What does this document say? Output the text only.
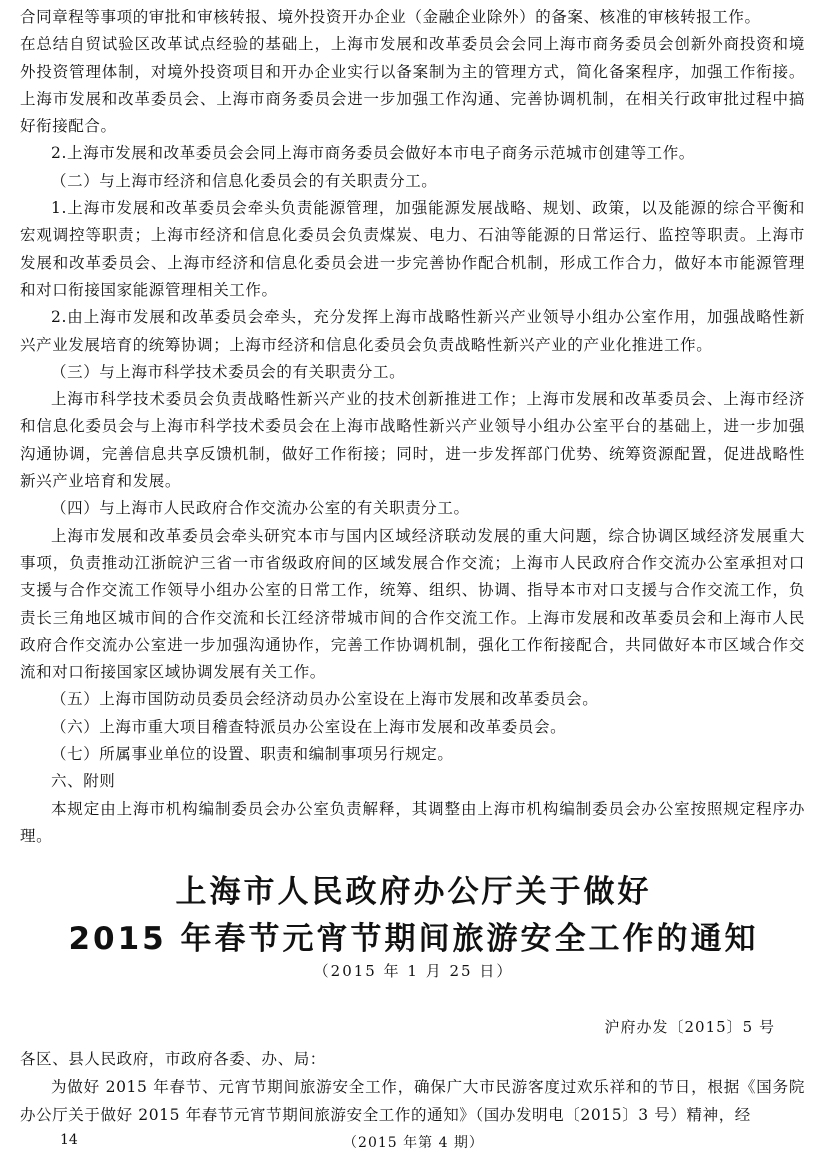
合同章程等事项的审批和审核转报、境外投资开办企业（金融企业除外）的备案、核准的审核转报工作。

在总结自贸试验区改革试点经验的基础上，上海市发展和改革委员会会同上海市商务委员会创新外商投资和境外投资管理体制，对境外投资项目和开办企业实行以备案制为主的管理方式，简化备案程序，加强工作衔接。上海市发展和改革委员会、上海市商务委员会进一步加强工作沟通、完善协调机制，在相关行政审批过程中搞好衔接配合。

2.上海市发展和改革委员会会同上海市商务委员会做好本市电子商务示范城市创建等工作。

（二）与上海市经济和信息化委员会的有关职责分工。

1.上海市发展和改革委员会牵头负责能源管理，加强能源发展战略、规划、政策，以及能源的综合平衡和宏观调控等职责；上海市经济和信息化委员会负责煤炭、电力、石油等能源的日常运行、监控等职责。上海市发展和改革委员会、上海市经济和信息化委员会进一步完善协作配合机制，形成工作合力，做好本市能源管理和对口衔接国家能源管理相关工作。

2.由上海市发展和改革委员会牵头，充分发挥上海市战略性新兴产业领导小组办公室作用，加强战略性新兴产业发展培育的统筹协调；上海市经济和信息化委员会负责战略性新兴产业的产业化推进工作。

（三）与上海市科学技术委员会的有关职责分工。

上海市科学技术委员会负责战略性新兴产业的技术创新推进工作；上海市发展和改革委员会、上海市经济和信息化委员会与上海市科学技术委员会在上海市战略性新兴产业领导小组办公室平台的基础上，进一步加强沟通协调，完善信息共享反馈机制，做好工作衔接；同时，进一步发挥部门优势、统筹资源配置，促进战略性新兴产业培育和发展。

（四）与上海市人民政府合作交流办公室的有关职责分工。

上海市发展和改革委员会牵头研究本市与国内区域经济联动发展的重大问题，综合协调区域经济发展重大事项，负责推动江浙皖沪三省一市省级政府间的区域发展合作交流；上海市人民政府合作交流办公室承担对口支援与合作交流工作领导小组办公室的日常工作，统筹、组织、协调、指导本市对口支援与合作交流工作，负责长三角地区城市间的合作交流和长江经济带城市间的合作交流工作。上海市发展和改革委员会和上海市人民政府合作交流办公室进一步加强沟通协作，完善工作协调机制，强化工作衔接配合，共同做好本市区域合作交流和对口衔接国家区域协调发展有关工作。

（五）上海市国防动员委员会经济动员办公室设在上海市发展和改革委员会。

（六）上海市重大项目稽查特派员办公室设在上海市发展和改革委员会。

（七）所属事业单位的设置、职责和编制事项另行规定。

六、附则

本规定由上海市机构编制委员会办公室负责解释，其调整由上海市机构编制委员会办公室按照规定程序办理。

上海市人民政府办公厅关于做好
2015 年春节元宵节期间旅游安全工作的通知
（2015 年 1 月 25 日）
沪府办发〔2015〕5 号

各区、县人民政府，市政府各委、办、局：

为做好 2015 年春节、元宵节期间旅游安全工作，确保广大市民游客度过欢乐祥和的节日，根据《国务院办公厅关于做好 2015 年春节元宵节期间旅游安全工作的通知》（国办发明电〔2015〕3 号）精神，经

14	（2015 年第 4 期）
